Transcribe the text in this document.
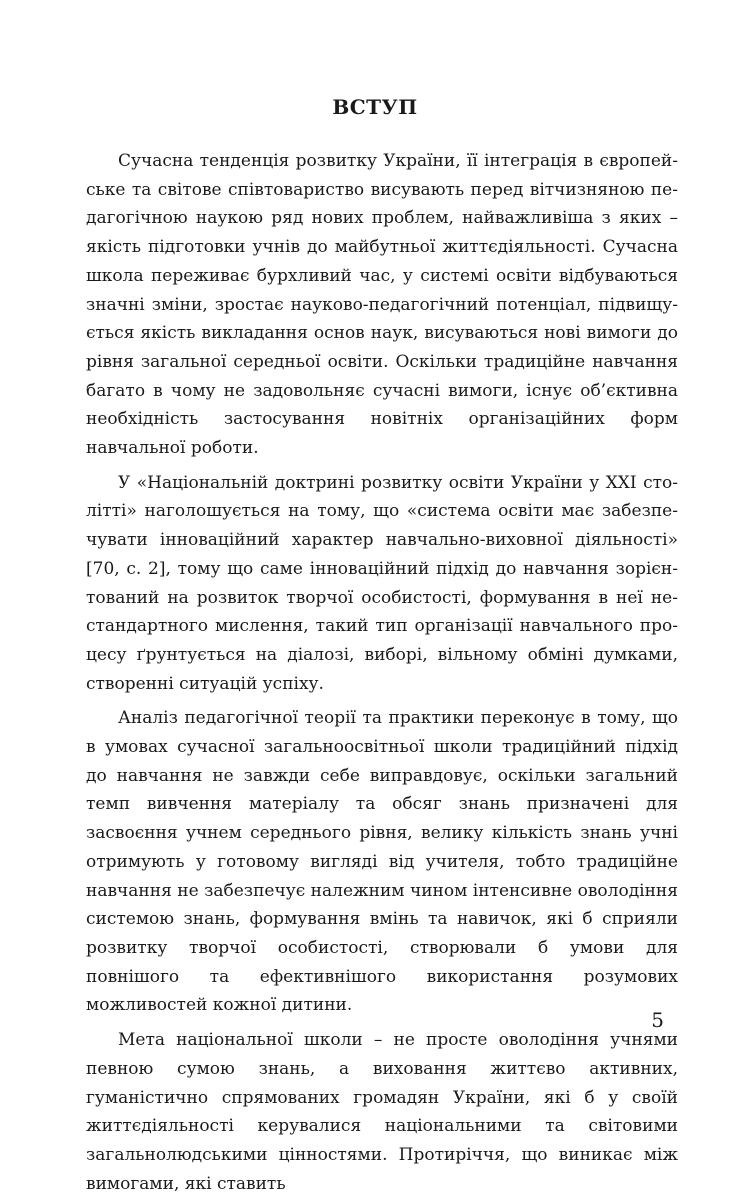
ВСТУП

Сучасна тенденція розвитку України, її інтеграція в європейське та світове співтовариство висувають перед вітчизняною педагогічною наукою ряд нових проблем, найважливіша з яких – якість підготовки учнів до майбутньої життєдіяльності. Сучасна школа переживає бурхливий час, у системі освіти відбуваються значні зміни, зростає науково-педагогічний потенціал, підвищується якість викладання основ наук, висуваються нові вимоги до рівня загальної середньої освіти. Оскільки традиційне навчання багато в чому не задовольняє сучасні вимоги, існує об’єктивна необхідність застосування новітніх організаційних форм навчальної роботи.

У «Національній доктрині розвитку освіти України у XXI столітті» наголошується на тому, що «система освіти має забезпечувати інноваційний характер навчально-виховної діяльності» [70, с. 2], тому що саме інноваційний підхід до навчання зорієнтований на розвиток творчої особистості, формування в неї нестандартного мислення, такий тип організації навчального процесу ґрунтується на діалозі, виборі, вільному обміні думками, створенні ситуацій успіху.

Аналіз педагогічної теорії та практики переконує в тому, що в умовах сучасної загальноосвітньої школи традиційний підхід до навчання не завжди себе виправдовує, оскільки загальний темп вивчення матеріалу та обсяг знань призначені для засвоєння учнем середнього рівня, велику кількість знань учні отримують у готовому вигляді від учителя, тобто традиційне навчання не забезпечує належним чином інтенсивне оволодіння системою знань, формування вмінь та навичок, які б сприяли розвитку творчої особистості, створювали б умови для повнішого та ефективнішого використання розумових можливостей кожної дитини.

Мета національної школи – не просте оволодіння учнями певною сумою знань, а виховання життєво активних, гуманістично спрямованих громадян України, які б у своїй життєдіяльності керувалися національними та світовими загальнолюдськими цінностями. Протиріччя, що виникає між вимогами, які ставить

5
